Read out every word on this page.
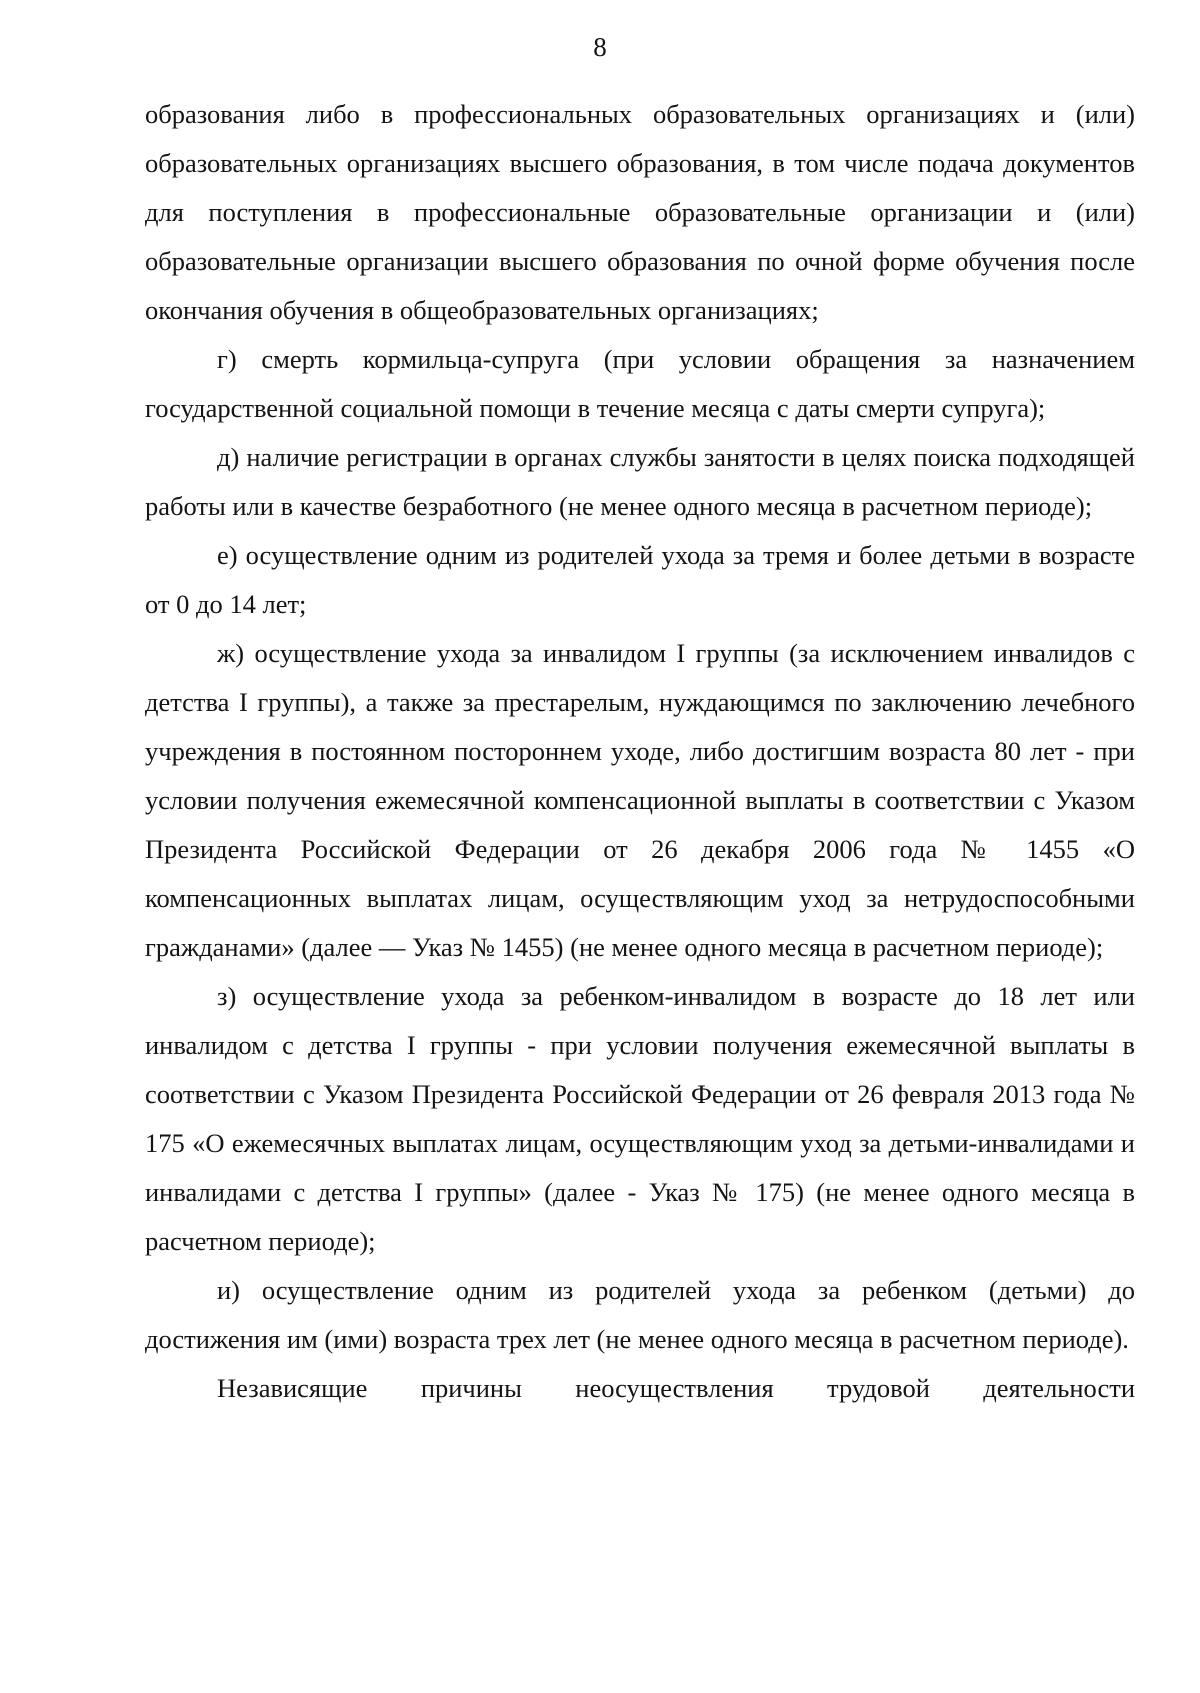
8

образования либо в профессиональных образовательных организациях и (или) образовательных организациях высшего образования, в том числе подача документов для поступления в профессиональные образовательные организации и (или) образовательные организации высшего образования по очной форме обучения после окончания обучения в общеобразовательных организациях;

г) смерть кормильца-супруга (при условии обращения за назначением государственной социальной помощи в течение месяца с даты смерти супруга);

д) наличие регистрации в органах службы занятости в целях поиска подходящей работы или в качестве безработного (не менее одного месяца в расчетном периоде);

е) осуществление одним из родителей ухода за тремя и более детьми в возрасте от 0 до 14 лет;

ж) осуществление ухода за инвалидом I группы (за исключением инвалидов с детства I группы), а также за престарелым, нуждающимся по заключению лечебного учреждения в постоянном постороннем уходе, либо достигшим возраста 80 лет - при условии получения ежемесячной компенсационной выплаты в соответствии с Указом Президента Российской Федерации от 26 декабря 2006 года № 1455 «О компенсационных выплатах лицам, осуществляющим уход за нетрудоспособными гражданами» (далее — Указ № 1455) (не менее одного месяца в расчетном периоде);

з) осуществление ухода за ребенком-инвалидом в возрасте до 18 лет или инвалидом с детства I группы - при условии получения ежемесячной выплаты в соответствии с Указом Президента Российской Федерации от 26 февраля 2013 года № 175 «О ежемесячных выплатах лицам, осуществляющим уход за детьми-инвалидами и инвалидами с детства I группы» (далее - Указ № 175) (не менее одного месяца в расчетном периоде);

и) осуществление одним из родителей ухода за ребенком (детьми) до достижения им (ими) возраста трех лет (не менее одного месяца в расчетном периоде).

Независящие причины неосуществления трудовой деятельности
